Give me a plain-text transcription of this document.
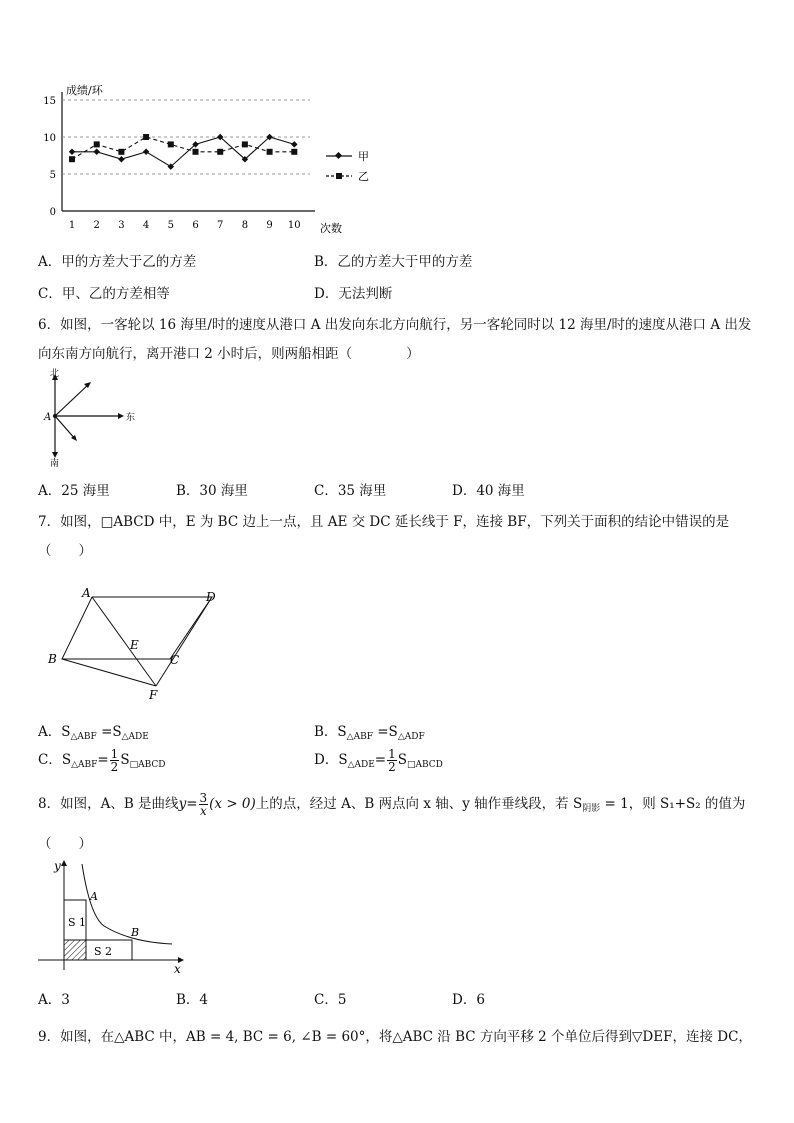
0
5
10
15
1 2 3 4 5 6 7 8 9 10
成绩/环
次数
甲
乙
A．甲的方差大于乙的方差	B．乙的方差大于甲的方差
C．甲、乙的方差相等	D．无法判断
6．如图，一客轮以 16 海里/时的速度从港口 A 出发向东北方向航行，另一客轮同时以 12 海里/时的速度从港口 A 出发
向东南方向航行，离开港口 2 小时后，则两船相距（　　　　）
北
南
东
A
A．25 海里	B．30 海里	C．35 海里	D．40 海里
7．如图，□ABCD 中，E 为 BC 边上一点，且 AE 交 DC 延长线于 F，连接 BF，下列关于面积的结论中错误的是
（　　）
A	D
B	C
E
F
A．$S_{\triangle ABF} =S_{\triangle ADE}$	B．$S_{\triangle ABF} =S_{\triangle ADF}$
C．$S_{\triangle ABF}= \frac{1}{2} S_{□ABCD}$	D．$S_{\triangle ADE}= \frac{1}{2} S_{□ABCD}$
8．如图，A、B 是曲线$y= \frac{3}{x} (x > 0)$上的点，经过 A、B 两点向 x 轴、y 轴作垂线段，若 $S_{阴影} = 1$，则 S₁+S₂ 的值为
（　　）
y
x
A
B
S 1
S 2
A．3	B．4	C．5	D．6
9．如图，在△ABC 中，AB = 4, BC = 6, ∠B = 60°，将△ABC 沿 BC 方向平移 2 个单位后得到▽DEF，连接 DC，
